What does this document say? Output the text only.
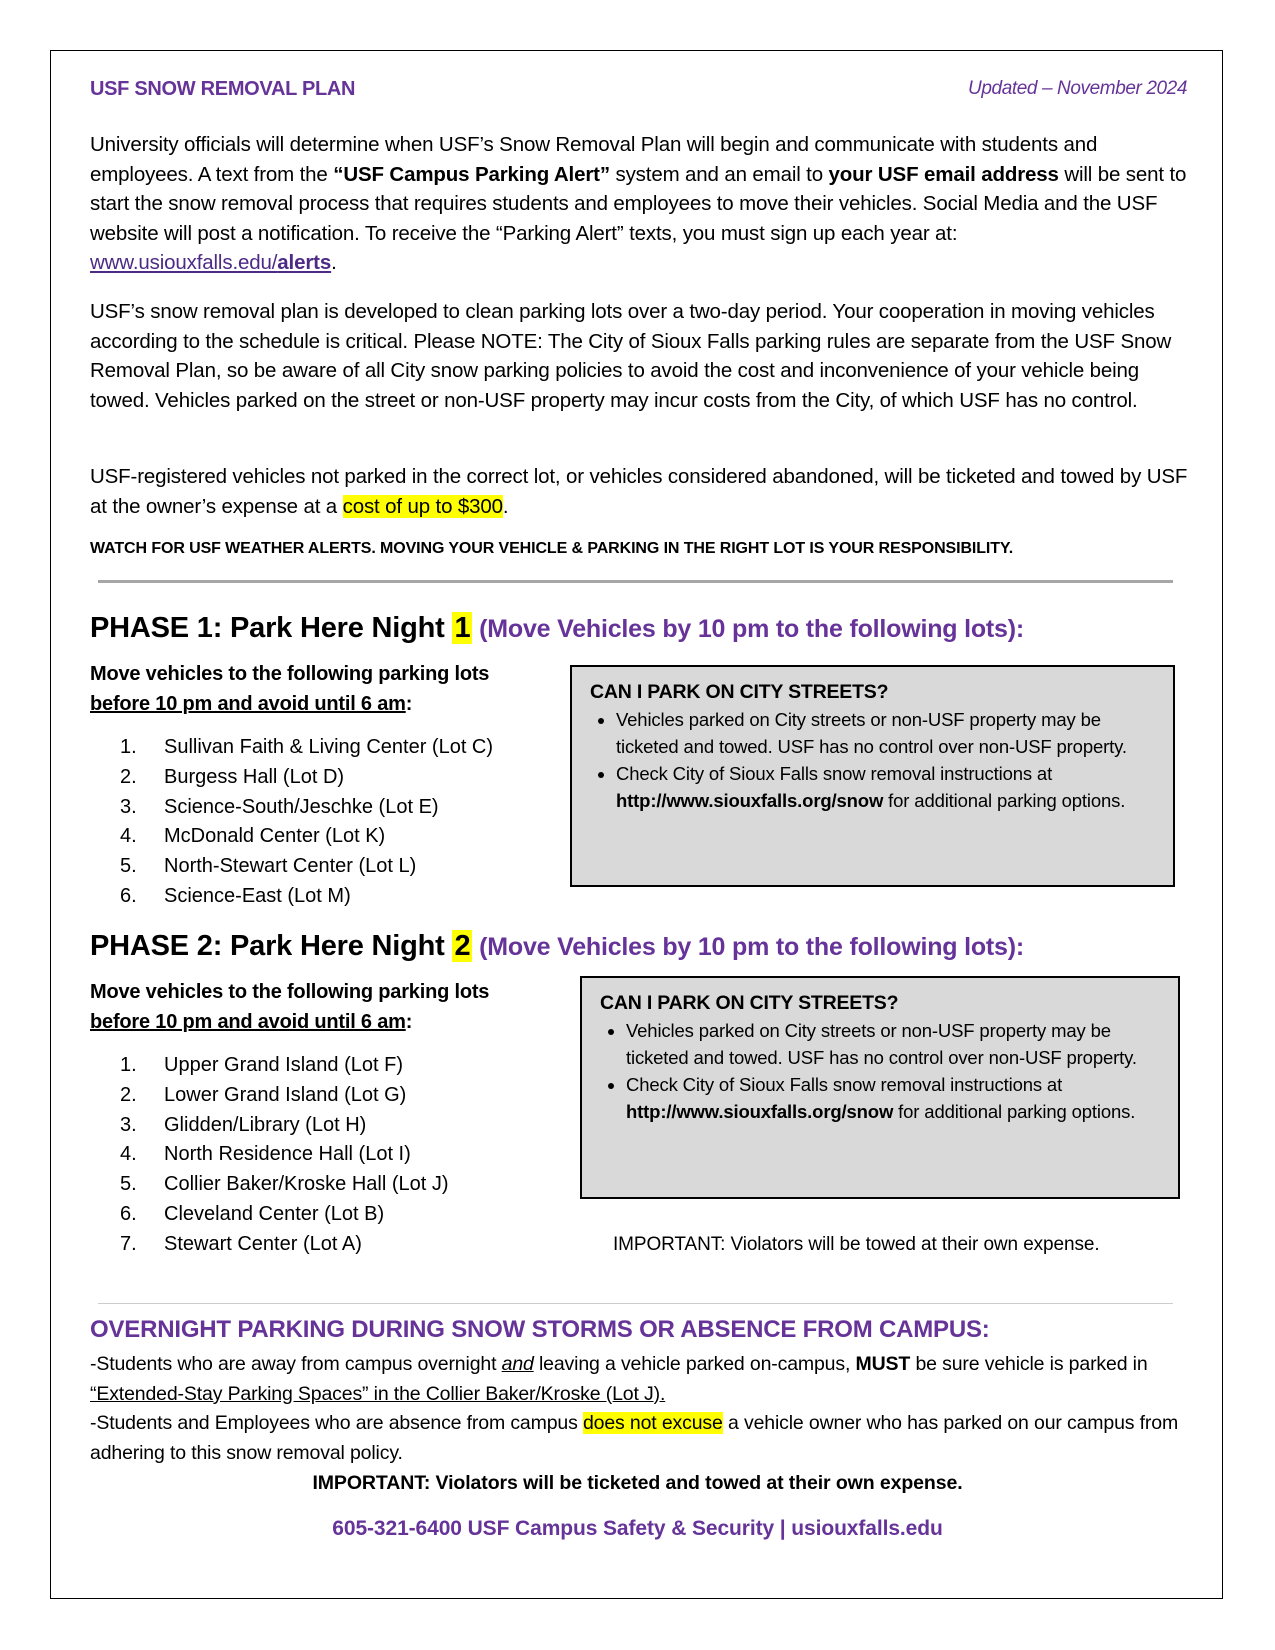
USF SNOW REMOVAL PLAN	Updated – November 2024
University officials will determine when USF’s Snow Removal Plan will begin and communicate with students and employees. A text from the “USF Campus Parking Alert” system and an email to your USF email address will be sent to start the snow removal process that requires students and employees to move their vehicles. Social Media and the USF website will post a notification. To receive the “Parking Alert” texts, you must sign up each year at: www.usiouxfalls.edu/alerts.
USF’s snow removal plan is developed to clean parking lots over a two-day period. Your cooperation in moving vehicles according to the schedule is critical. Please NOTE: The City of Sioux Falls parking rules are separate from the USF Snow Removal Plan, so be aware of all City snow parking policies to avoid the cost and inconvenience of your vehicle being towed. Vehicles parked on the street or non-USF property may incur costs from the City, of which USF has no control.
USF-registered vehicles not parked in the correct lot, or vehicles considered abandoned, will be ticketed and towed by USF at the owner’s expense at a cost of up to $300.
WATCH FOR USF WEATHER ALERTS. MOVING YOUR VEHICLE & PARKING IN THE RIGHT LOT IS YOUR RESPONSIBILITY.
PHASE 1: Park Here Night 1 (Move Vehicles by 10 pm to the following lots):
Move vehicles to the following parking lots
before 10 pm and avoid until 6 am:
1.	Sullivan Faith & Living Center (Lot C)
2.	Burgess Hall (Lot D)
3.	Science-South/Jeschke (Lot E)
4.	McDonald Center (Lot K)
5.	North-Stewart Center (Lot L)
6.	Science-East (Lot M)
CAN I PARK ON CITY STREETS?
• Vehicles parked on City streets or non-USF property may be ticketed and towed. USF has no control over non-USF property.
• Check City of Sioux Falls snow removal instructions at http://www.siouxfalls.org/snow for additional parking options.
PHASE 2: Park Here Night 2 (Move Vehicles by 10 pm to the following lots):
Move vehicles to the following parking lots
before 10 pm and avoid until 6 am:
1.	Upper Grand Island (Lot F)
2.	Lower Grand Island (Lot G)
3.	Glidden/Library (Lot H)
4.	North Residence Hall (Lot I)
5.	Collier Baker/Kroske Hall (Lot J)
6.	Cleveland Center (Lot B)
7.	Stewart Center (Lot A)
CAN I PARK ON CITY STREETS?
• Vehicles parked on City streets or non-USF property may be ticketed and towed. USF has no control over non-USF property.
• Check City of Sioux Falls snow removal instructions at http://www.siouxfalls.org/snow for additional parking options.
IMPORTANT: Violators will be towed at their own expense.
OVERNIGHT PARKING DURING SNOW STORMS OR ABSENCE FROM CAMPUS:
-Students who are away from campus overnight and leaving a vehicle parked on-campus, MUST be sure vehicle is parked in “Extended-Stay Parking Spaces” in the Collier Baker/Kroske (Lot J).
-Students and Employees who are absence from campus does not excuse a vehicle owner who has parked on our campus from adhering to this snow removal policy.
IMPORTANT: Violators will be ticketed and towed at their own expense.
605-321-6400 USF Campus Safety & Security | usiouxfalls.edu
